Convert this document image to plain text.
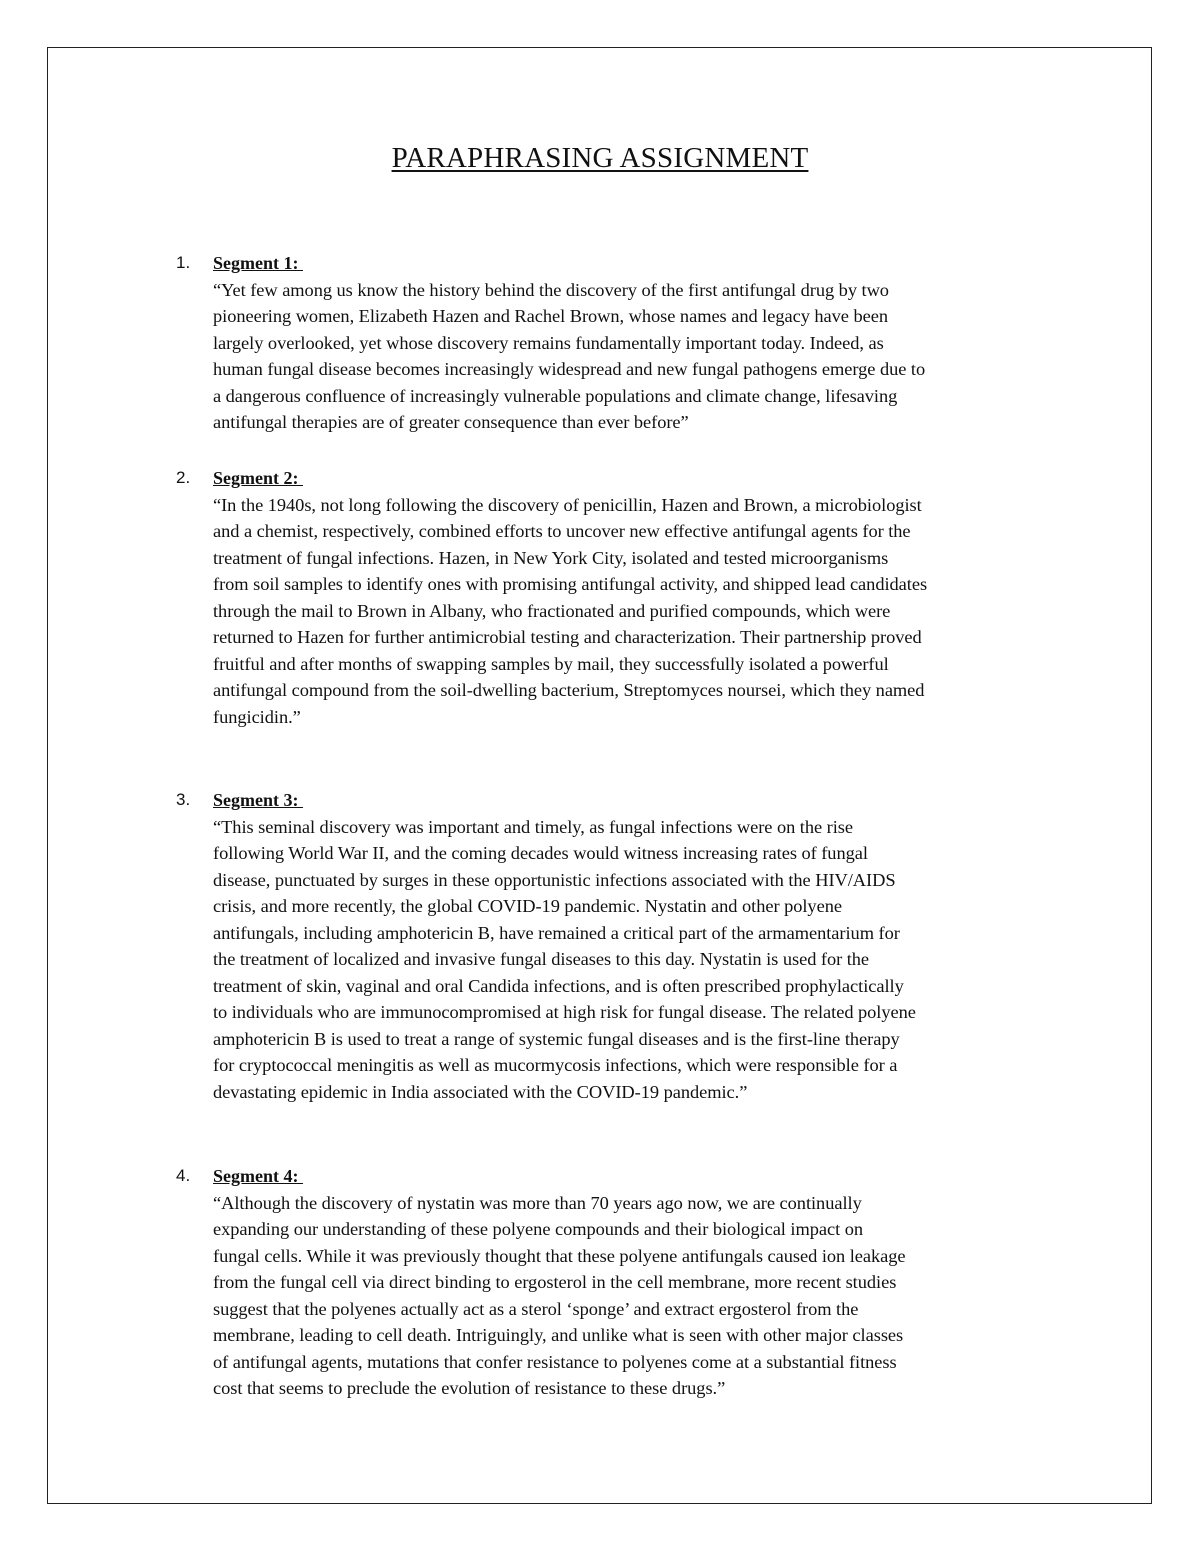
PARAPHRASING ASSIGNMENT
1. Segment 1:
“Yet few among us know the history behind the discovery of the first antifungal drug by two
pioneering women, Elizabeth Hazen and Rachel Brown, whose names and legacy have been
largely overlooked, yet whose discovery remains fundamentally important today. Indeed, as
human fungal disease becomes increasingly widespread and new fungal pathogens emerge due to
a dangerous confluence of increasingly vulnerable populations and climate change, lifesaving
antifungal therapies are of greater consequence than ever before”
2. Segment 2:
“In the 1940s, not long following the discovery of penicillin, Hazen and Brown, a microbiologist
and a chemist, respectively, combined efforts to uncover new effective antifungal agents for the
treatment of fungal infections. Hazen, in New York City, isolated and tested microorganisms
from soil samples to identify ones with promising antifungal activity, and shipped lead candidates
through the mail to Brown in Albany, who fractionated and purified compounds, which were
returned to Hazen for further antimicrobial testing and characterization. Their partnership proved
fruitful and after months of swapping samples by mail, they successfully isolated a powerful
antifungal compound from the soil-dwelling bacterium, Streptomyces noursei, which they named
fungicidin.”
3. Segment 3:
“This seminal discovery was important and timely, as fungal infections were on the rise
following World War II, and the coming decades would witness increasing rates of fungal
disease, punctuated by surges in these opportunistic infections associated with the HIV/AIDS
crisis, and more recently, the global COVID-19 pandemic. Nystatin and other polyene
antifungals, including amphotericin B, have remained a critical part of the armamentarium for
the treatment of localized and invasive fungal diseases to this day. Nystatin is used for the
treatment of skin, vaginal and oral Candida infections, and is often prescribed prophylactically
to individuals who are immunocompromised at high risk for fungal disease. The related polyene
amphotericin B is used to treat a range of systemic fungal diseases and is the first-line therapy
for cryptococcal meningitis as well as mucormycosis infections, which were responsible for a
devastating epidemic in India associated with the COVID-19 pandemic.”
4. Segment 4:
“Although the discovery of nystatin was more than 70 years ago now, we are continually
expanding our understanding of these polyene compounds and their biological impact on
fungal cells. While it was previously thought that these polyene antifungals caused ion leakage
from the fungal cell via direct binding to ergosterol in the cell membrane, more recent studies
suggest that the polyenes actually act as a sterol ‘sponge’ and extract ergosterol from the
membrane, leading to cell death. Intriguingly, and unlike what is seen with other major classes
of antifungal agents, mutations that confer resistance to polyenes come at a substantial fitness
cost that seems to preclude the evolution of resistance to these drugs.”
